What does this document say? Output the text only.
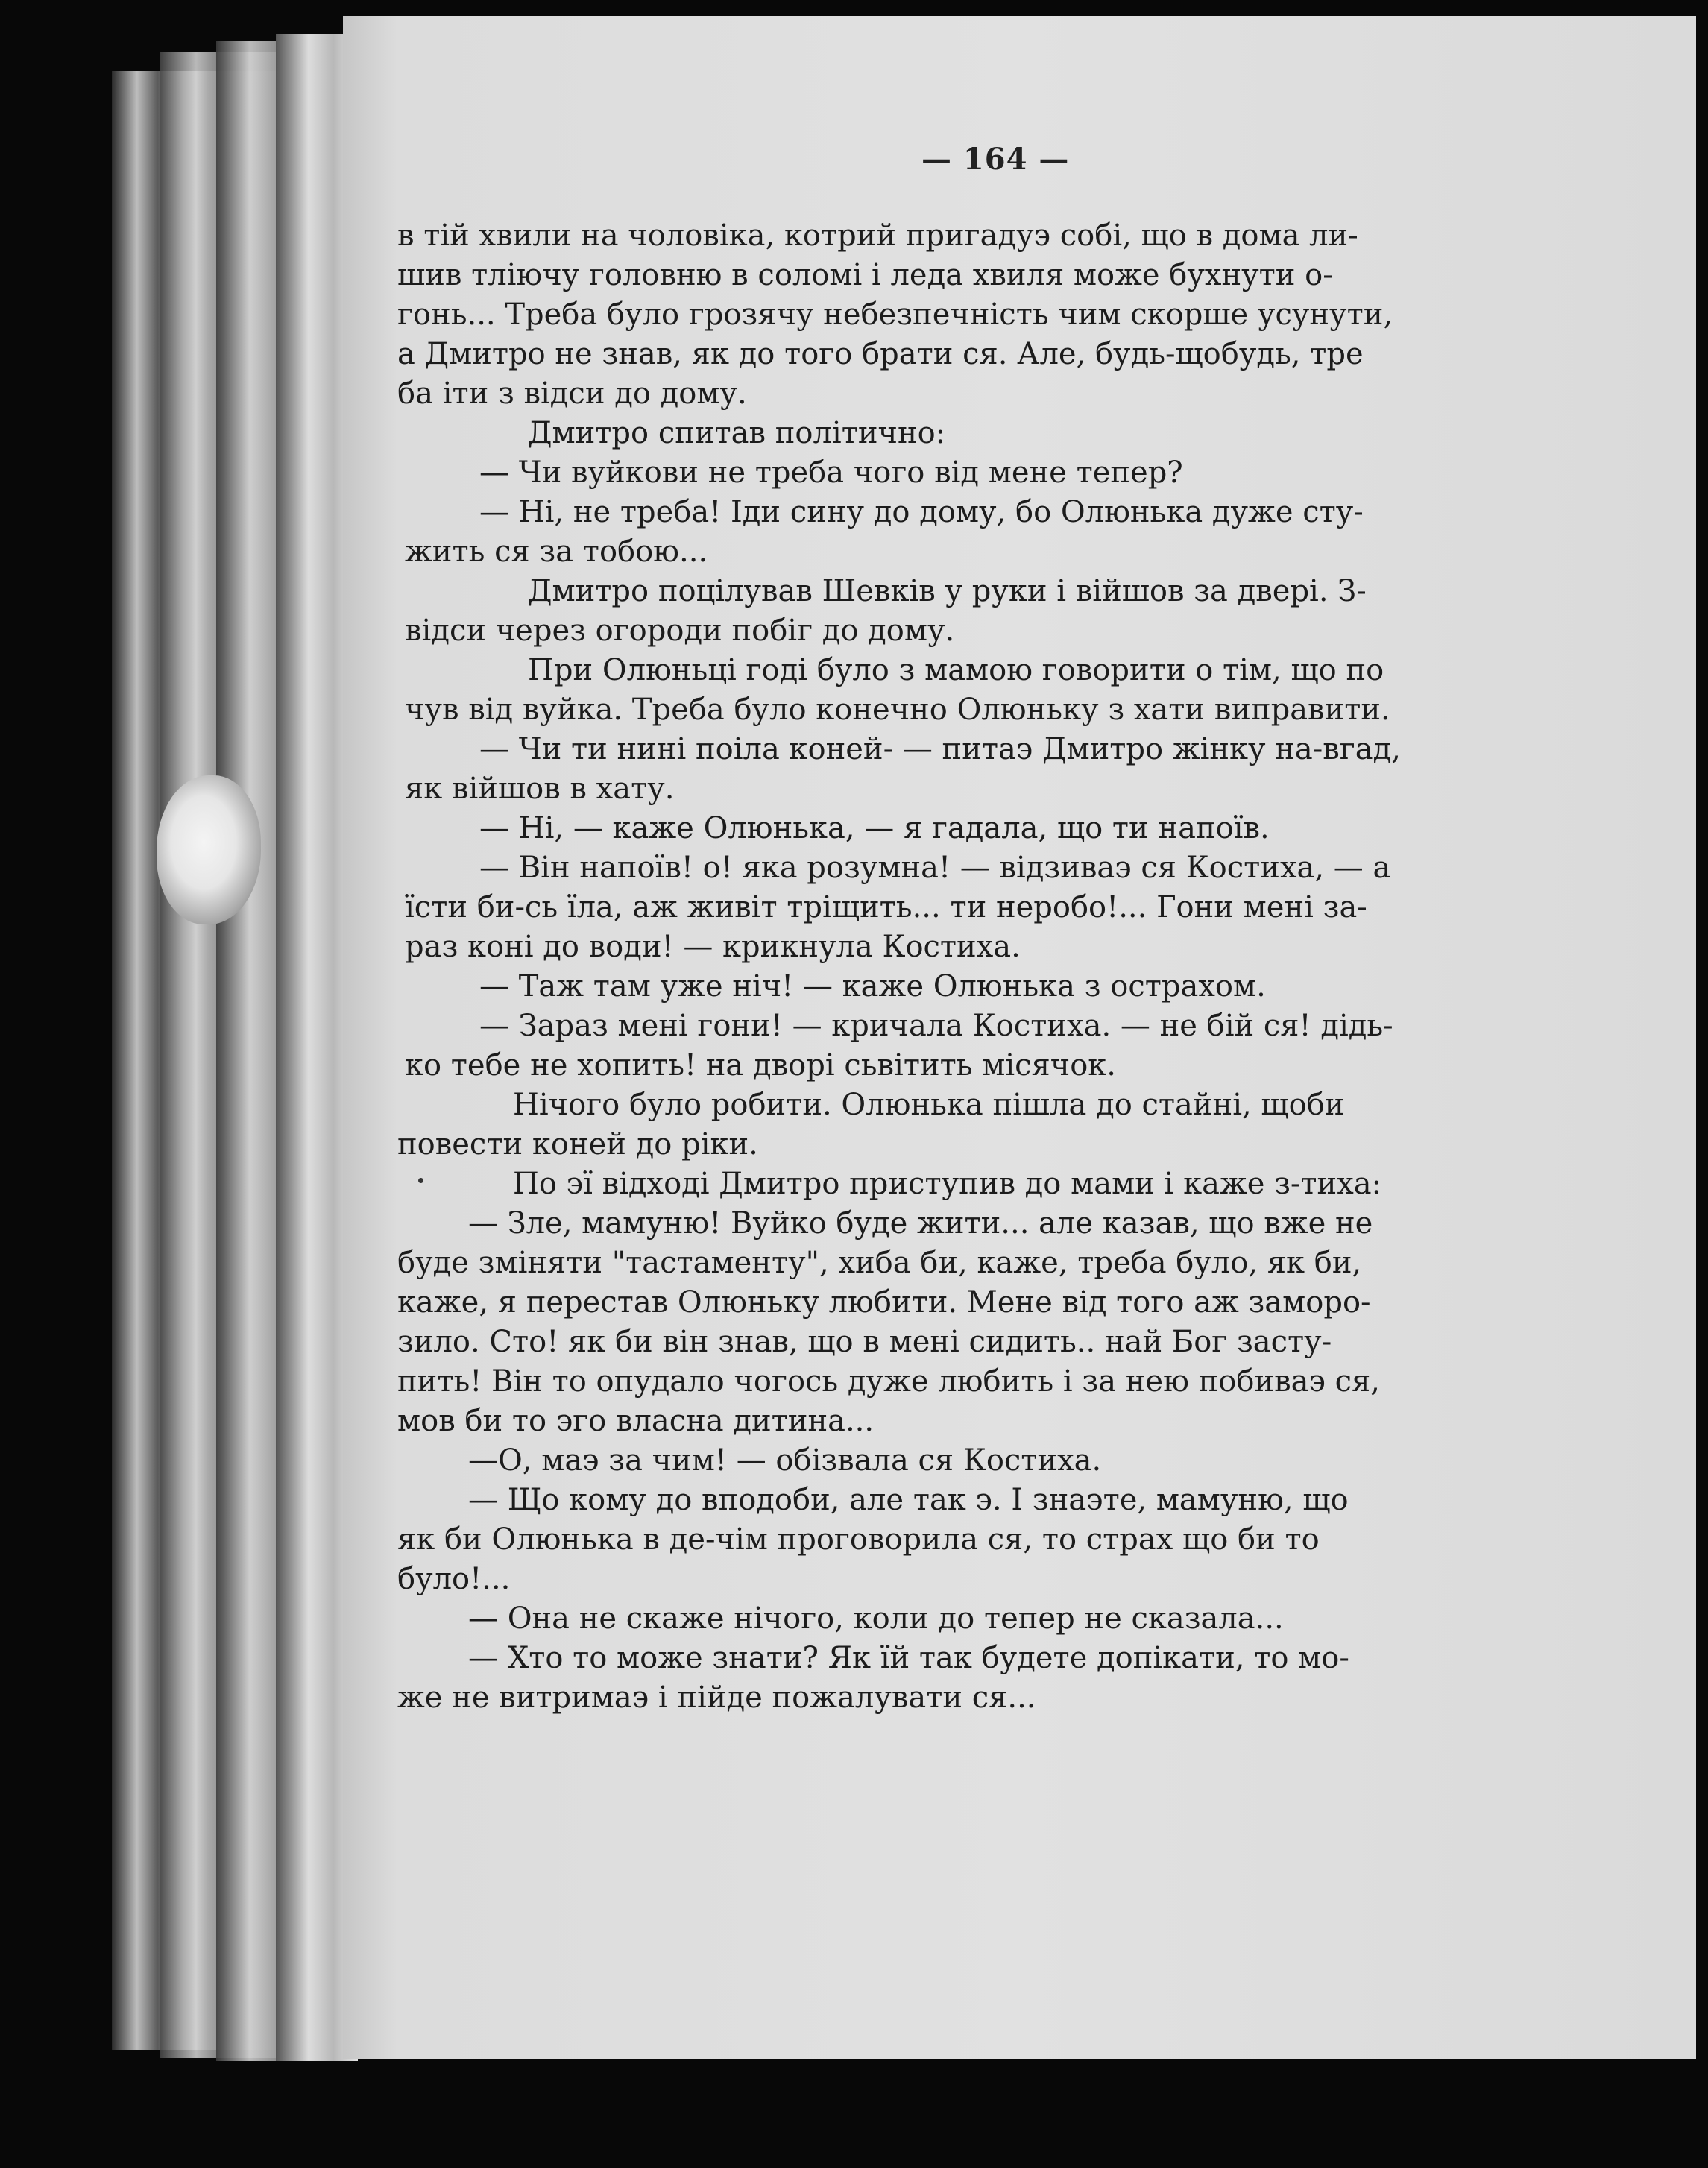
— 164 —
в тій хвили на чоловіка, котрий пригадуэ собі, що в дома ли-
шив тлiючу головню в соломі і леда хвиля може бухнути о-
гонь... Треба було грозячу небезпечність чим скорше усунути,
а Дмитро не знав, як до того брати ся. Але, будь-щобудь, тре
ба іти з відси до дому.
Дмитро спитав політично:
— Чи вуйкови не треба чого від мене тепер?
— Ні, не треба! Іди сину до дому, бо Олюнька дуже сту-
жить ся за тобою...
Дмитро поцілував Шевків у руки і війшов за двері. З-
відси через огороди побіг до дому.
При Олюньці годі було з мамою говорити о тім, що по
чув від вуйка. Треба було конечно Олюньку з хати виправити.
— Чи ти нині поіла коней- — питаэ Дмитро жінку на-вгад,
як війшов в хату.
— Ні, — каже Олюнька, — я гадала, що ти напоїв.
— Він напоїв! о! яка розумна! — відзиваэ ся Костиха, — а
їсти би-сь їла, аж живіт тріщить... ти неробо!... Гони мені за-
раз коні до води! — крикнула Костиха.
— Таж там уже ніч! — каже Олюнька з острахом.
— Зараз мені гони! — кричала Костиха. — не бій ся! дідь-
ко тебе не хопить! на дворі сьвітить місячок.
Нічого було робити. Олюнька пішла до стайні, щоби
повести коней до ріки.
По эї відході Дмитро приступив до мами і каже з-тиха:
— Зле, мамуню! Вуйко буде жити... але казав, що вже не
буде зміняти "тастаменту", хиба би, каже, треба було, як би,
каже, я перестав Олюньку любити. Мене від того аж заморо-
зило. Сто! як би він знав, що в мені сидить.. най Бог засту-
пить! Він то опудало чогось дуже любить і за нею побиваэ ся,
мов би то эго власна дитина...
—О, маэ за чим! — обізвала ся Костиха.
— Що кому до вподоби, але так э. І знаэте, мамуню, що
як би Олюнька в де-чім проговорила ся, то страх що би то
було!...
— Она не скаже нічого, коли до тепер не сказала...
— Хто то може знати? Як їй так будете допікати, то мо-
же не витримаэ і пійде пожалувати ся...
